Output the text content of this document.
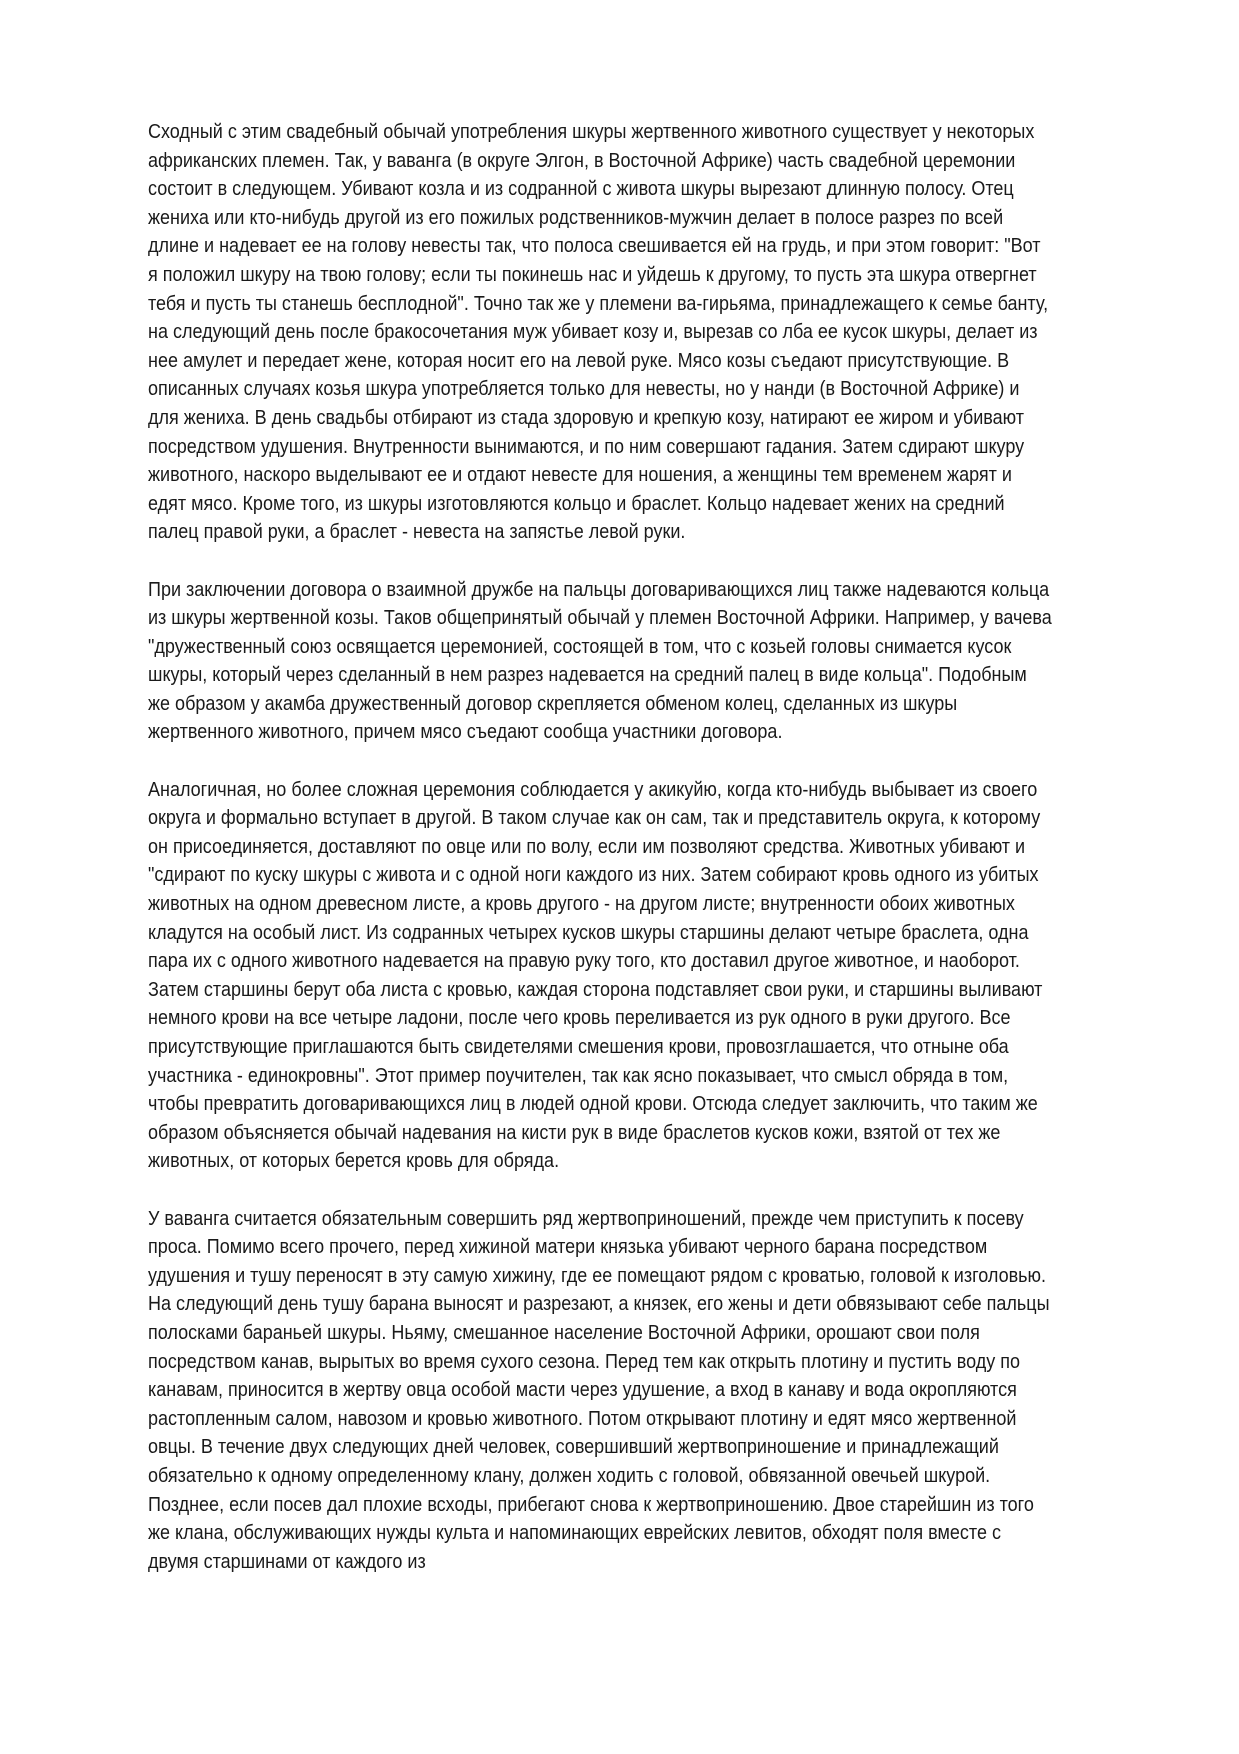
Сходный с этим свадебный обычай употребления шкуры жертвенного животного существует у некоторых африканских племен. Так, у ваванга (в округе Элгон, в Восточной Африке) часть свадебной церемонии состоит в следующем. Убивают козла и из содранной с живота шкуры вырезают длинную полосу. Отец жениха или кто-нибудь другой из его пожилых родственников-мужчин делает в полосе разрез по всей длине и надевает ее на голову невесты так, что полоса свешивается ей на грудь, и при этом говорит: "Вот я положил шкуру на твою голову; если ты покинешь нас и уйдешь к другому, то пусть эта шкура отвергнет тебя и пусть ты станешь бесплодной". Точно так же у племени ва-гирьяма, принадлежащего к семье банту, на следующий день после бракосочетания муж убивает козу и, вырезав со лба ее кусок шкуры, делает из нее амулет и передает жене, которая носит его на левой руке. Мясо козы съедают присутствующие. В описанных случаях козья шкура употребляется только для невесты, но у нанди (в Восточной Африке) и для жениха. В день свадьбы отбирают из стада здоровую и крепкую козу, натирают ее жиром и убивают посредством удушения. Внутренности вынимаются, и по ним совершают гадания. Затем сдирают шкуру животного, наскоро выделывают ее и отдают невесте для ношения, а женщины тем временем жарят и едят мясо. Кроме того, из шкуры изготовляются кольцо и браслет. Кольцо надевает жених на средний палец правой руки, а браслет - невеста на запястье левой руки.

При заключении договора о взаимной дружбе на пальцы договаривающихся лиц также надеваются кольца из шкуры жертвенной козы. Таков общепринятый обычай у племен Восточной Африки. Например, у вачева "дружественный союз освящается церемонией, состоящей в том, что с козьей головы снимается кусок шкуры, который через сделанный в нем разрез надевается на средний палец в виде кольца". Подобным же образом у акамба дружественный договор скрепляется обменом колец, сделанных из шкуры жертвенного животного, причем мясо съедают сообща участники договора.

Аналогичная, но более сложная церемония соблюдается у акикуйю, когда кто-нибудь выбывает из своего округа и формально вступает в другой. В таком случае как он сам, так и представитель округа, к которому он присоединяется, доставляют по овце или по волу, если им позволяют средства. Животных убивают и "сдирают по куску шкуры с живота и с одной ноги каждого из них. Затем собирают кровь одного из убитых животных на одном древесном листе, а кровь другого - на другом листе; внутренности обоих животных кладутся на особый лист. Из содранных четырех кусков шкуры старшины делают четыре браслета, одна пара их с одного животного надевается на правую руку того, кто доставил другое животное, и наоборот. Затем старшины берут оба листа с кровью, каждая сторона подставляет свои руки, и старшины выливают немного крови на все четыре ладони, после чего кровь переливается из рук одного в руки другого. Все присутствующие приглашаются быть свидетелями смешения крови, провозглашается, что отныне оба участника - единокровны". Этот пример поучителен, так как ясно показывает, что смысл обряда в том, чтобы превратить договаривающихся лиц в людей одной крови. Отсюда следует заключить, что таким же образом объясняется обычай надевания на кисти рук в виде браслетов кусков кожи, взятой от тех же животных, от которых берется кровь для обряда.

У ваванга считается обязательным совершить ряд жертвоприношений, прежде чем приступить к посеву проса. Помимо всего прочего, перед хижиной матери князька убивают черного барана посредством удушения и тушу переносят в эту самую хижину, где ее помещают рядом с кроватью, головой к изголовью. На следующий день тушу барана выносят и разрезают, а князек, его жены и дети обвязывают себе пальцы полосками бараньей шкуры. Ньяму, смешанное население Восточной Африки, орошают свои поля посредством канав, вырытых во время сухого сезона. Перед тем как открыть плотину и пустить воду по канавам, приносится в жертву овца особой масти через удушение, а вход в канаву и вода окропляются растопленным салом, навозом и кровью животного. Потом открывают плотину и едят мясо жертвенной овцы. В течение двух следующих дней человек, совершивший жертвоприношение и принадлежащий обязательно к одному определенному клану, должен ходить с головой, обвязанной овечьей шкурой. Позднее, если посев дал плохие всходы, прибегают снова к жертвоприношению. Двое старейшин из того же клана, обслуживающих нужды культа и напоминающих еврейских левитов, обходят поля вместе с двумя старшинами от каждого из
